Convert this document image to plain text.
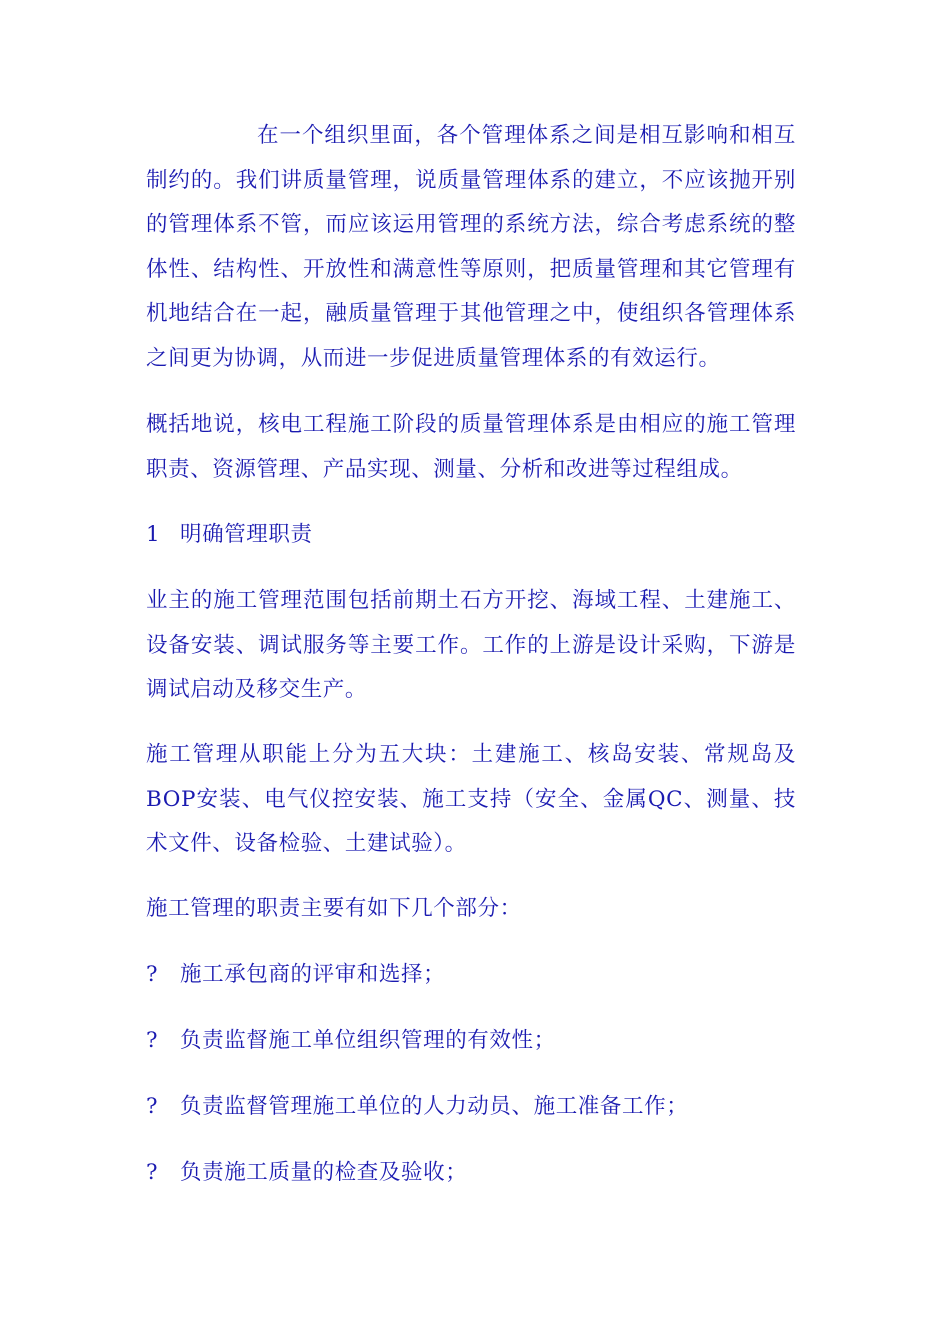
在一个组织里面，各个管理体系之间是相互影响和相互制约的。我们讲质量管理，说质量管理体系的建立，不应该抛开别的管理体系不管，而应该运用管理的系统方法，综合考虑系统的整体性、结构性、开放性和满意性等原则，把质量管理和其它管理有机地结合在一起，融质量管理于其他管理之中，使组织各管理体系之间更为协调，从而进一步促进质量管理体系的有效运行。

概括地说，核电工程施工阶段的质量管理体系是由相应的施工管理职责、资源管理、产品实现、测量、分析和改进等过程组成。

1 明确管理职责

业主的施工管理范围包括前期土石方开挖、海域工程、土建施工、设备安装、调试服务等主要工作。工作的上游是设计采购，下游是调试启动及移交生产。

施工管理从职能上分为五大块：土建施工、核岛安装、常规岛及BOP安装、电气仪控安装、施工支持（安全、金属QC、测量、技术文件、设备检验、土建试验）。

施工管理的职责主要有如下几个部分：

? 施工承包商的评审和选择；

? 负责监督施工单位组织管理的有效性；

? 负责监督管理施工单位的人力动员、施工准备工作；

? 负责施工质量的检查及验收；
